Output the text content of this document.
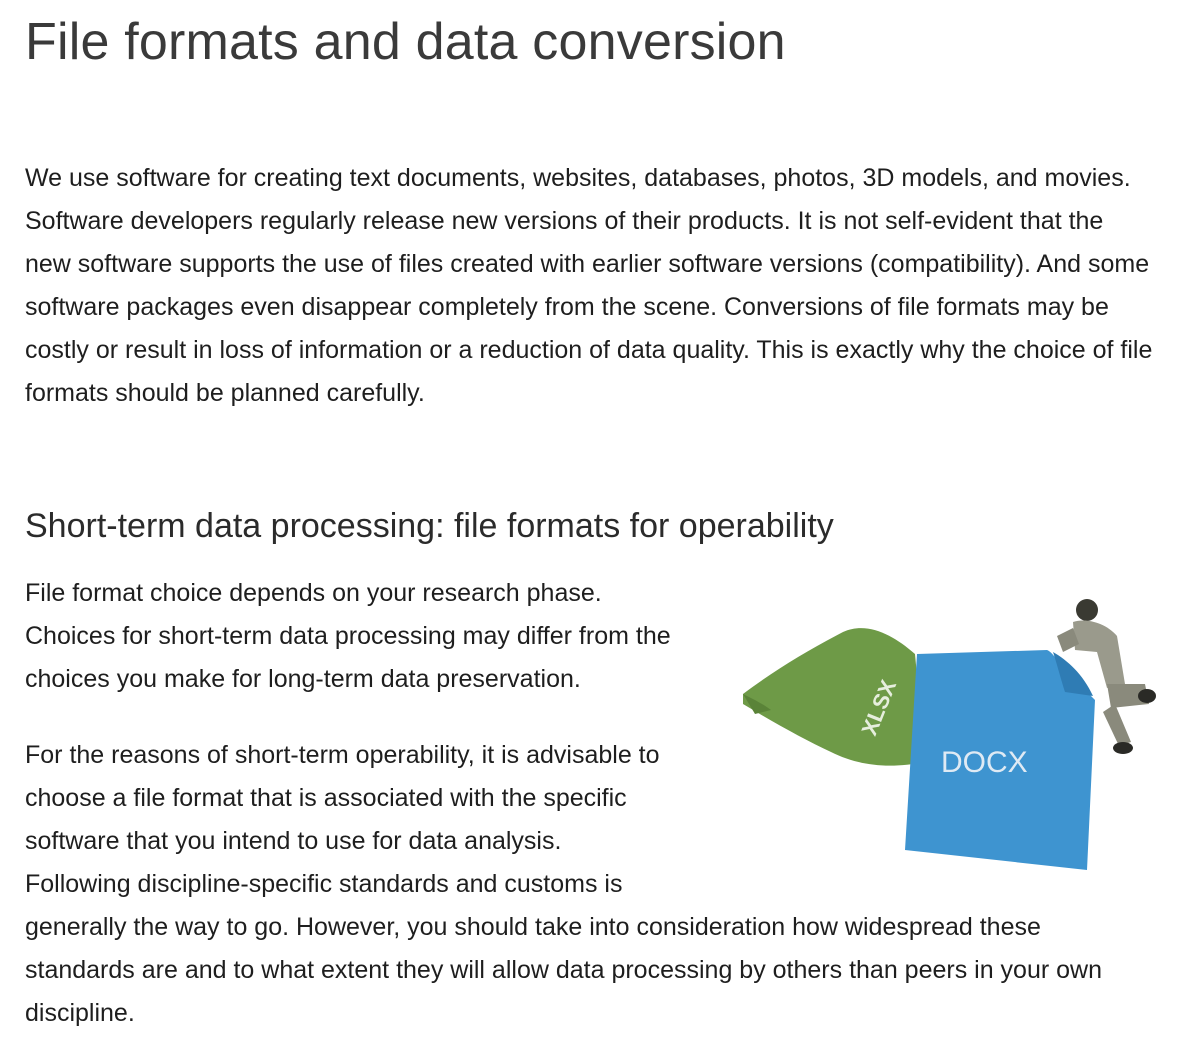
File formats and data conversion

We use software for creating text documents, websites, databases, photos, 3D models, and movies. Software developers regularly release new versions of their products. It is not self-evident that the new software supports the use of files created with earlier software versions (compatibility). And some software packages even disappear completely from the scene. Conversions of file formats may be costly or result in loss of information or a reduction of data quality. This is exactly why the choice of file formats should be planned carefully.

Short-term data processing: file formats for operability

File format choice depends on your research phase. Choices for short-term data processing may differ from the choices you make for long-term data preservation.

For the reasons of short-term operability, it is advisable to choose a file format that is associated with the specific software that you intend to use for data analysis. Following discipline-specific standards and customs is generally the way to go. However, you should take into consideration how widespread these standards are and to what extent they will allow data processing by others than peers in your own discipline.
XLSX
DOCX
